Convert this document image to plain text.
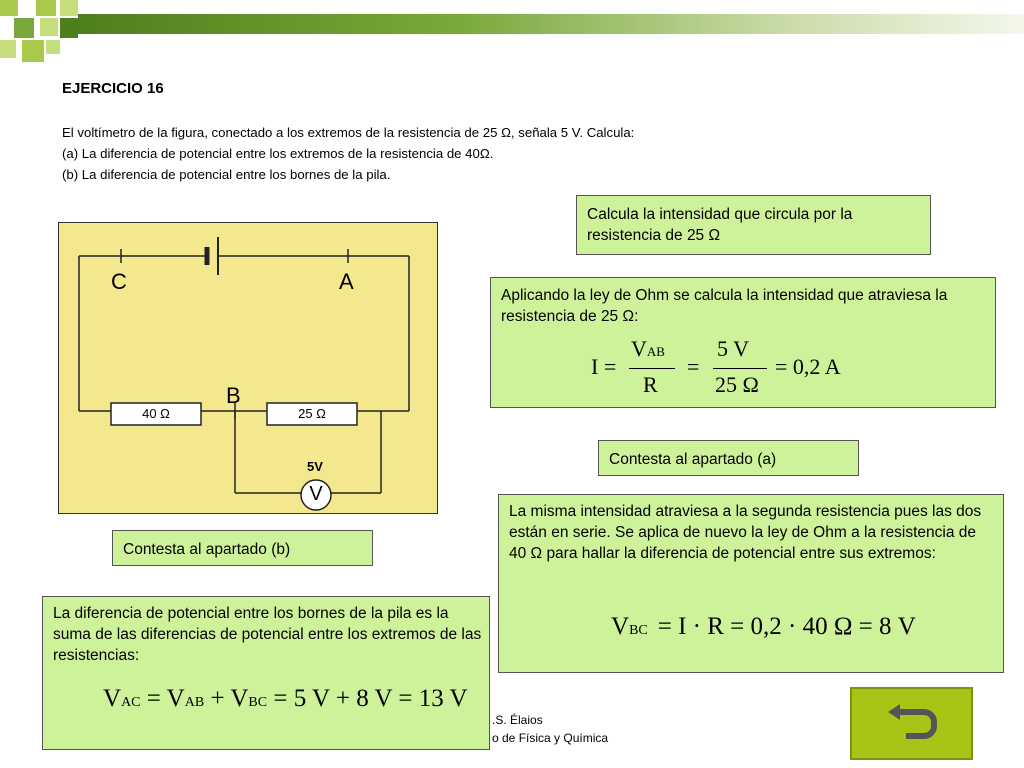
EJERCICIO 16
El voltímetro de la figura, conectado a los extremos de la resistencia de 25 Ω, señala 5 V. Calcula:
(a) La diferencia de potencial entre los extremos de la resistencia de 40Ω.
(b) La diferencia de potencial entre los bornes de la pila.
C	A
B
40 Ω	25 Ω
5V
V
Calcula la intensidad que circula por la resistencia de 25 Ω
Aplicando la ley de Ohm se calcula la intensidad que atraviesa la resistencia de 25 Ω:
I =
VAB
R
=
5 V
25 Ω
= 0,2 A
Contesta al apartado (a)
Contesta al apartado (b)
La misma intensidad atraviesa a la segunda resistencia pues las dos están en serie. Se aplica de nuevo la ley de Ohm a la resistencia de 40 Ω para hallar la diferencia de potencial entre sus extremos:
VBC = I · R = 0,2 · 40 Ω = 8 V
La diferencia de potencial entre los bornes de la pila es la suma de las diferencias de potencial entre los extremos de las resistencias:
VAC = VAB + VBC = 5 V + 8 V = 13 V
.S. Élaios
o de Física y Química
